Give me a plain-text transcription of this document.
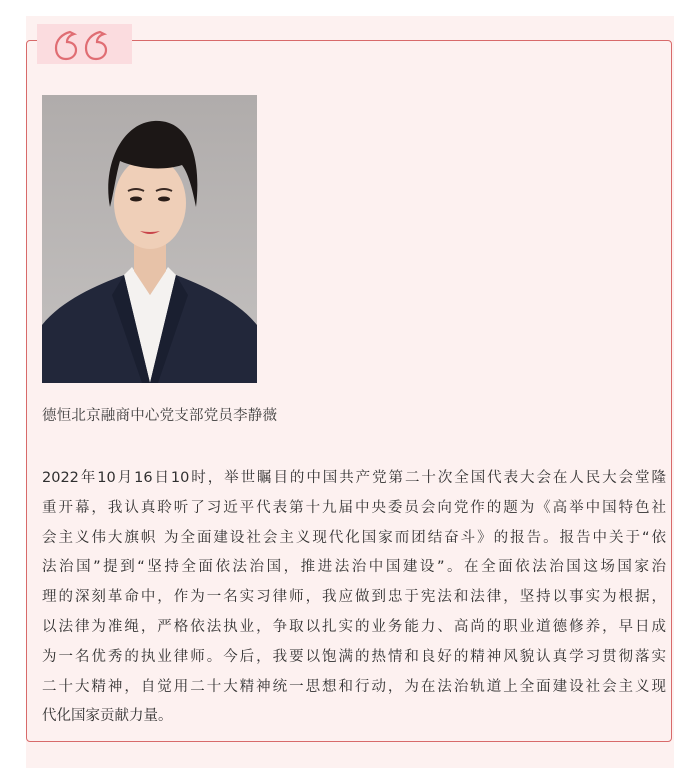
德恒北京融商中心党支部党员李静薇
2022年10月16日10时，举世瞩目的中国共产党第二十次全国代表大会在人民大会堂隆
重开幕，我认真聆听了习近平代表第十九届中央委员会向党作的题为《高举中国特色社
会主义伟大旗帜 为全面建设社会主义现代化国家而团结奋斗》的报告。报告中关于“依
法治国”提到“坚持全面依法治国，推进法治中国建设”。在全面依法治国这场国家治
理的深刻革命中，作为一名实习律师，我应做到忠于宪法和法律，坚持以事实为根据，
以法律为准绳，严格依法执业，争取以扎实的业务能力、高尚的职业道德修养，早日成
为一名优秀的执业律师。今后，我要以饱满的热情和良好的精神风貌认真学习贯彻落实
二十大精神，自觉用二十大精神统一思想和行动，为在法治轨道上全面建设社会主义现
代化国家贡献力量。
